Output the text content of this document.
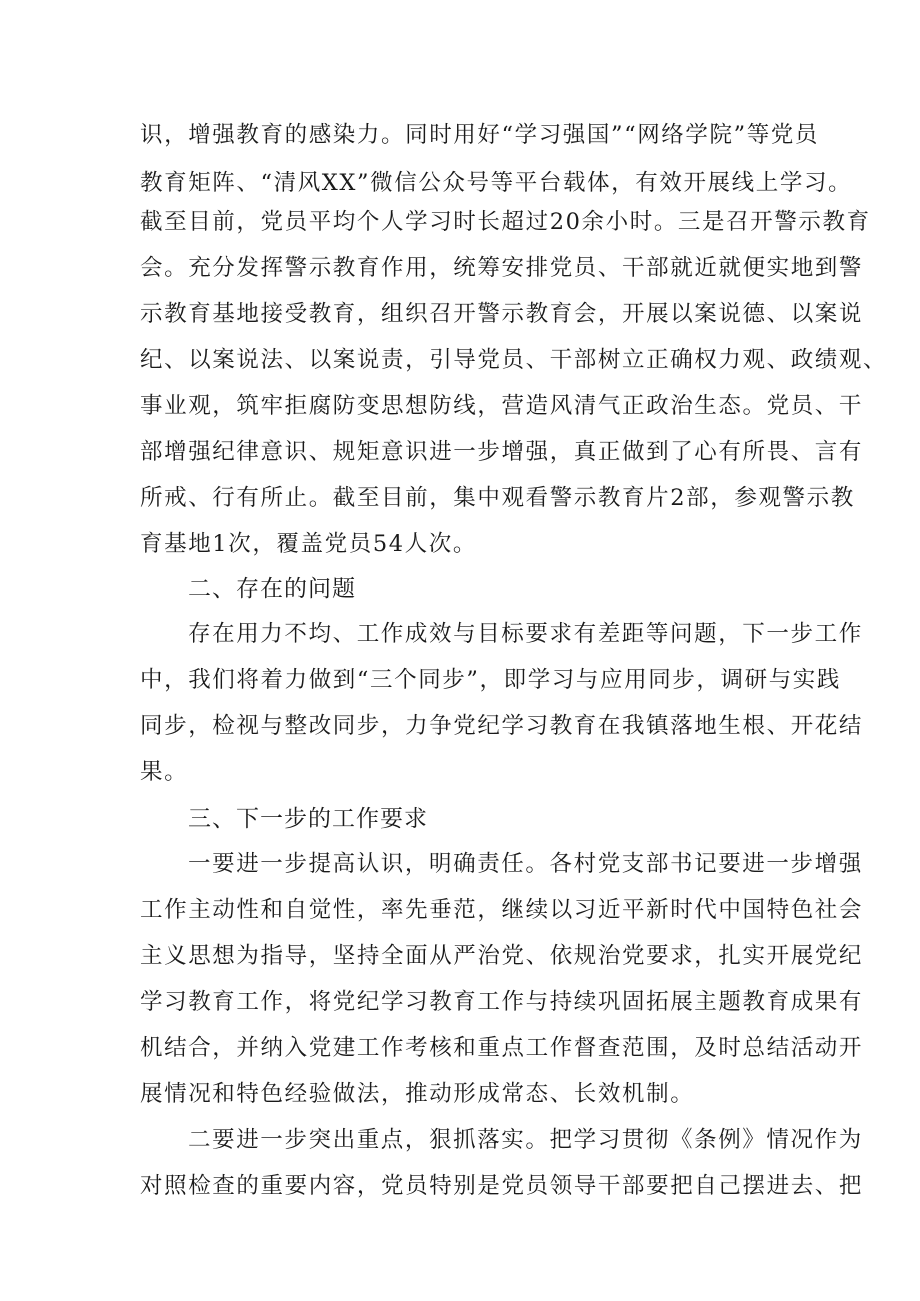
识，增强教育的感染力。同时用好“学习强国”“网络学院”等党员
教育矩阵、“清风XX”微信公众号等平台载体，有效开展线上学习。
截至目前，党员平均个人学习时长超过20余小时。三是召开警示教育
会。充分发挥警示教育作用，统筹安排党员、干部就近就便实地到警
示教育基地接受教育，组织召开警示教育会，开展以案说德、以案说
纪、以案说法、以案说责，引导党员、干部树立正确权力观、政绩观、
事业观，筑牢拒腐防变思想防线，营造风清气正政治生态。党员、干
部增强纪律意识、规矩意识进一步增强，真正做到了心有所畏、言有
所戒、行有所止。截至目前，集中观看警示教育片2部，参观警示教
育基地1次，覆盖党员54人次。
二、存在的问题
存在用力不均、工作成效与目标要求有差距等问题，下一步工作
中，我们将着力做到“三个同步”，即学习与应用同步，调研与实践
同步，检视与整改同步，力争党纪学习教育在我镇落地生根、开花结
果。
三、下一步的工作要求
一要进一步提高认识，明确责任。各村党支部书记要进一步增强
工作主动性和自觉性，率先垂范，继续以习近平新时代中国特色社会
主义思想为指导，坚持全面从严治党、依规治党要求，扎实开展党纪
学习教育工作，将党纪学习教育工作与持续巩固拓展主题教育成果有
机结合，并纳入党建工作考核和重点工作督查范围，及时总结活动开
展情况和特色经验做法，推动形成常态、长效机制。
二要进一步突出重点，狠抓落实。把学习贯彻《条例》情况作为
对照检查的重要内容，党员特别是党员领导干部要把自己摆进去、把
